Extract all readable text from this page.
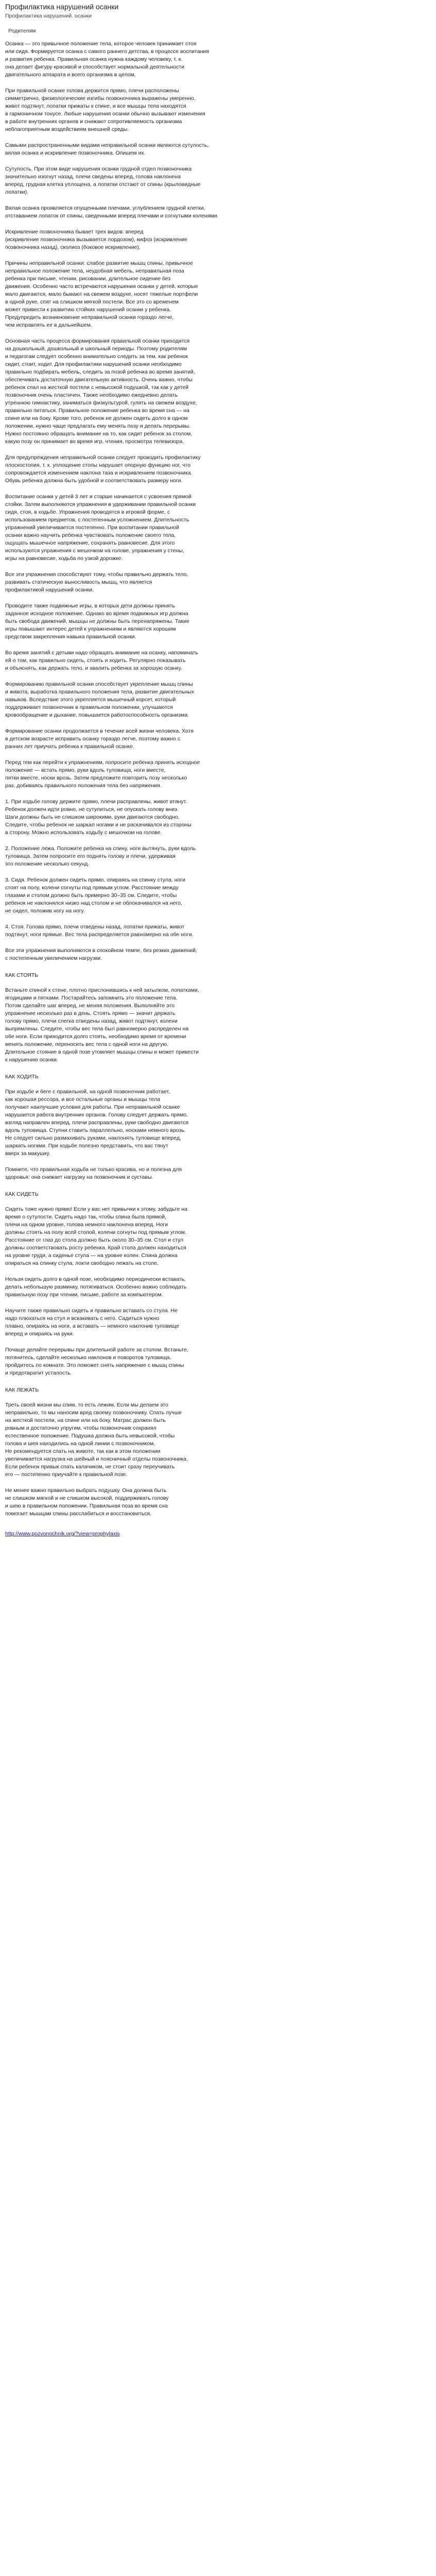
Профилактика нарушений осанки
Профилактика нарушений. осанки
Родителям
Осанка — это привычное положение тела, которое человек принимает стоя
или сидя. Формируется осанка с самого раннего детства, в процессе воспитания
и развития ребенка. Правильная осанка нужна каждому человеку, т. к.
она делает фигуру красивой и способствует нормальной деятельности
двигательного аппарата и всего организма в целом.
При правильной осанке голова держится прямо, плечи расположены
симметрично, физиологические изгибы позвоночника выражены умеренно,
живот подтянут, лопатки прижаты к спине, и все мышцы тела находятся
в гармоничном тонусе. Любые нарушения осанки обычно вызывают изменения
в работе внутренних органов и снижают сопротивляемость организма
неблагоприятным воздействиям внешней среды.
Самыми распространенными видами неправильной осанки являются сутулость,
вялая осанка и искривление позвоночника. Опишем их.
Сутулость. При этом виде нарушения осанки грудной отдел позвоночника
значительно изогнут назад, плечи сведены вперед, голова наклонена
вперед, грудная клетка уплощена, а лопатки отстают от спины (крыловидные
лопатки).
Вялая осанка проявляется опущенными плечами, углублением грудной клетки,
отставанием лопаток от спины, сведенными вперед плечами и согнутыми коленями.
Искривление позвоночника бывает трех видов: вперед
(искривление позвоночника вызывается лордозом), кифоз (искривление
позвоночника назад), сколиоз (боковое искривление).
Причины неправильной осанки: слабое развитие мышц спины, привычное
неправильное положение тела, неудобная мебель, неправильная поза
ребенка при письме, чтении, рисовании, длительное сидение без
движения. Особенно часто встречаются нарушения осанки у детей, которые
мало двигаются, мало бывают на свежем воздухе, носят тяжелые портфели
в одной руке, спят на слишком мягкой постели. Все это со временем
может привести к развитию стойких нарушений осанки у ребенка.
Предупредить возникновение неправильной осанки гораздо легче,
чем исправлять ее в дальнейшем.
Основная часть процесса формирования правильной осанки приходится
на дошкольный, дошкольный и школьный периоды. Поэтому родителям
и педагогам следует особенно внимательно следить за тем, как ребенок
сидит, стоит, ходит. Для профилактики нарушений осанки необходимо
правильно подбирать мебель, следить за позой ребенка во время занятий,
обеспечивать достаточную двигательную активность. Очень важно, чтобы
ребенок спал на жесткой постели с невысокой подушкой, так как у детей
позвоночник очень пластичен. Также необходимо ежедневно делать
утреннюю гимнастику, заниматься физкультурой, гулять на свежем воздухе,
правильно питаться. Правильное положение ребенка во время сна — на
спине или на боку. Кроме того, ребенок не должен сидеть долго в одном
положении, нужно чаще предлагать ему менять позу и делать перерывы.
Нужно постоянно обращать внимание на то, как сидит ребенок за столом,
какую позу он принимает во время игр, чтения, просмотра телевизора.
Для предупреждения неправильной осанки следует проводить профилактику
плоскостопия, т. к. уплощение стопы нарушает опорную функцию ног, что
сопровождается изменением наклона таза и искривлением позвоночника.
Обувь ребенка должна быть удобной и соответствовать размеру ноги.
Воспитание осанки у детей 3 лет и старше начинается с усвоения прямой
стойки. Затем выполняются упражнения в удерживании правильной осанки
сидя, стоя, в ходьбе. Упражнения проводятся в игровой форме, с
использованием предметов, с постепенным усложнением. Длительность
упражнений увеличивается постепенно. При воспитании правильной
осанки важно научить ребенка чувствовать положение своего тела,
ощущать мышечное напряжение, сохранять равновесие. Для этого
используются упражнения с мешочком на голове, упражнения у стены,
игры на равновесие, ходьба по узкой дорожке.
Все эти упражнения способствуют тому, чтобы правильно держать тело,
развивать статическую выносливость мышц, что является
профилактикой нарушений осанки.
Проводите также подвижные игры, в которых дети должны принять
заданное исходное положение. Однако во время подвижных игр должна
быть свобода движений, мышцы не должны быть перенапряжены. Такие
игры повышают интерес детей к упражнениям и являются хорошим
средством закрепления навыка правильной осанки.
Во время занятий с детьми надо обращать внимание на осанку, напоминать
ей о том, как правильно сидеть, стоять и ходить. Регулярно показывать
и объяснять, как держать тело, и хвалить ребенка за хорошую осанку.
Формированию правильной осанки способствует укрепление мышц спины
и живота, выработка правильного положения тела, развитие двигательных
навыков. Вследствие этого укрепляется мышечный корсет, который
поддерживает позвоночник в правильном положении, улучшаются
кровообращение и дыхание, повышается работоспособность организма.
Формирование осанки продолжается в течение всей жизни человека. Хотя
в детском возрасте исправить осанку гораздо легче, поэтому важно с
ранних лет приучать ребенка к правильной осанке.
Перед тем как перейти к упражнениям, попросите ребенка принять исходное
положение — встать прямо, руки вдоль туловища, ноги вместе,
пятки вместе, носки врозь. Затем предложите повторить позу несколько
раз, добиваясь правильного положения тела без напряжения.
1. При ходьбе голову держите прямо, плечи расправлены, живот втянут.
Ребенок должен идти ровно, не сутулиться, не опускать голову вниз.
Шаги должны быть не слишком широкими, руки двигаются свободно.
Следите, чтобы ребенок не шаркал ногами и не раскачивался из стороны
в сторону. Можно использовать ходьбу с мешочком на голове.
2. Положение лежа. Положите ребенка на спину, ноги вытянуть, руки вдоль
туловища. Затем попросите его поднять голову и плечи, удерживая
это положение несколько секунд.
3. Сидя. Ребенок должен сидеть прямо, опираясь на спинку стула, ноги
стоят на полу, колени согнуты под прямым углом. Расстояние между
глазами и столом должно быть примерно 30–35 см. Следите, чтобы
ребенок не наклонялся низко над столом и не облокачивался на него,
не сидел, положив ногу на ногу.
4. Стоя. Голова прямо, плечи отведены назад, лопатки прижаты, живот
подтянут, ноги прямые. Вес тела распределяется равномерно на обе ноги.
Все эти упражнения выполняются в спокойном темпе, без резких движений,
с постепенным увеличением нагрузки.
КАК СТОЯТЬ
Встаньте спиной к стене, плотно прислонившись к ней затылком, лопатками,
ягодицами и пятками. Постарайтесь запомнить это положение тела.
Потом сделайте шаг вперед, не меняя положения. Выполняйте это
упражнение несколько раз в день. Стоять прямо — значит держать
голову прямо, плечи слегка отведены назад, живот подтянут, колени
выпрямлены. Следите, чтобы вес тела был равномерно распределен на
обе ноги. Если приходится долго стоять, необходимо время от времени
менять положение, переносить вес тела с одной ноги на другую.
Длительное стояние в одной позе утомляет мышцы спины и может привести
к нарушению осанки.
КАК ХОДИТЬ
При ходьбе и беге с правильной, на одной позвоночник работает,
как хорошая рессора, и все остальные органы и мышцы тела
получают наилучшие условия для работы. При неправильной осанке
нарушается работа внутренних органов. Голову следует держать прямо,
взгляд направлен вперед, плечи расправлены, руки свободно двигаются
вдоль туловища. Ступни ставить параллельно, носками немного врозь.
Не следует сильно размахивать руками, наклонять туловище вперед,
шаркать ногами. При ходьбе полезно представить, что вас тянут
вверх за макушку.
Помните, что правильная ходьба не только красива, но и полезна для
здоровья: она снижает нагрузку на позвоночник и суставы.
КАК СИДЕТЬ
Сидеть тоже нужно прямо! Если у вас нет привычки к этому, забудьте на
время о сутулости. Сидеть надо так, чтобы спина была прямой,
плечи на одном уровне, голова немного наклонена вперед. Ноги
должны стоять на полу всей стопой, колени согнуты под прямым углом.
Расстояние от глаз до стола должно быть около 30–35 см. Стол и стул
должны соответствовать росту ребенка. Край стола должен находиться
на уровне груди, а сиденье стула — на уровне колен. Спина должна
опираться на спинку стула, локти свободно лежать на столе.
Нельзя сидеть долго в одной позе, необходимо периодически вставать,
делать небольшую разминку, потягиваться. Особенно важно соблюдать
правильную позу при чтении, письме, работе за компьютером.
Научите также правильно сидеть и правильно вставать со стула. Не
надо плюхаться на стул и вскакивать с него. Садиться нужно
плавно, опираясь на ноги, а вставать — немного наклонив туловище
вперед и опираясь на руки.
Почаще делайте перерывы при длительной работе за столом. Встаньте,
потянитесь, сделайте несколько наклонов и поворотов туловища,
пройдитесь по комнате. Это поможет снять напряжение с мышц спины
и предотвратит усталость.
КАК ЛЕЖАТЬ
Треть своей жизни мы спим, то есть лежим. Если мы делаем это
неправильно, то мы наносим вред своему позвоночнику. Спать лучше
на жесткой постели, на спине или на боку. Матрас должен быть
ровным и достаточно упругим, чтобы позвоночник сохранял
естественное положение. Подушка должна быть невысокой, чтобы
голова и шея находились на одной линии с позвоночником.
Не рекомендуется спать на животе, так как в этом положении
увеличивается нагрузка на шейный и поясничный отделы позвоночника.
Если ребенок привык спать калачиком, не стоит сразу переучивать
его — постепенно приучайте к правильной позе.
Не менее важно правильно выбрать подушку. Она должна быть
не слишком мягкой и не слишком высокой, поддерживать голову
и шею в правильном положении. Правильная поза во время сна
помогает мышцам спины расслабиться и восстановиться.
http://www.pozvonochnik.org/?view=prophylaxis
